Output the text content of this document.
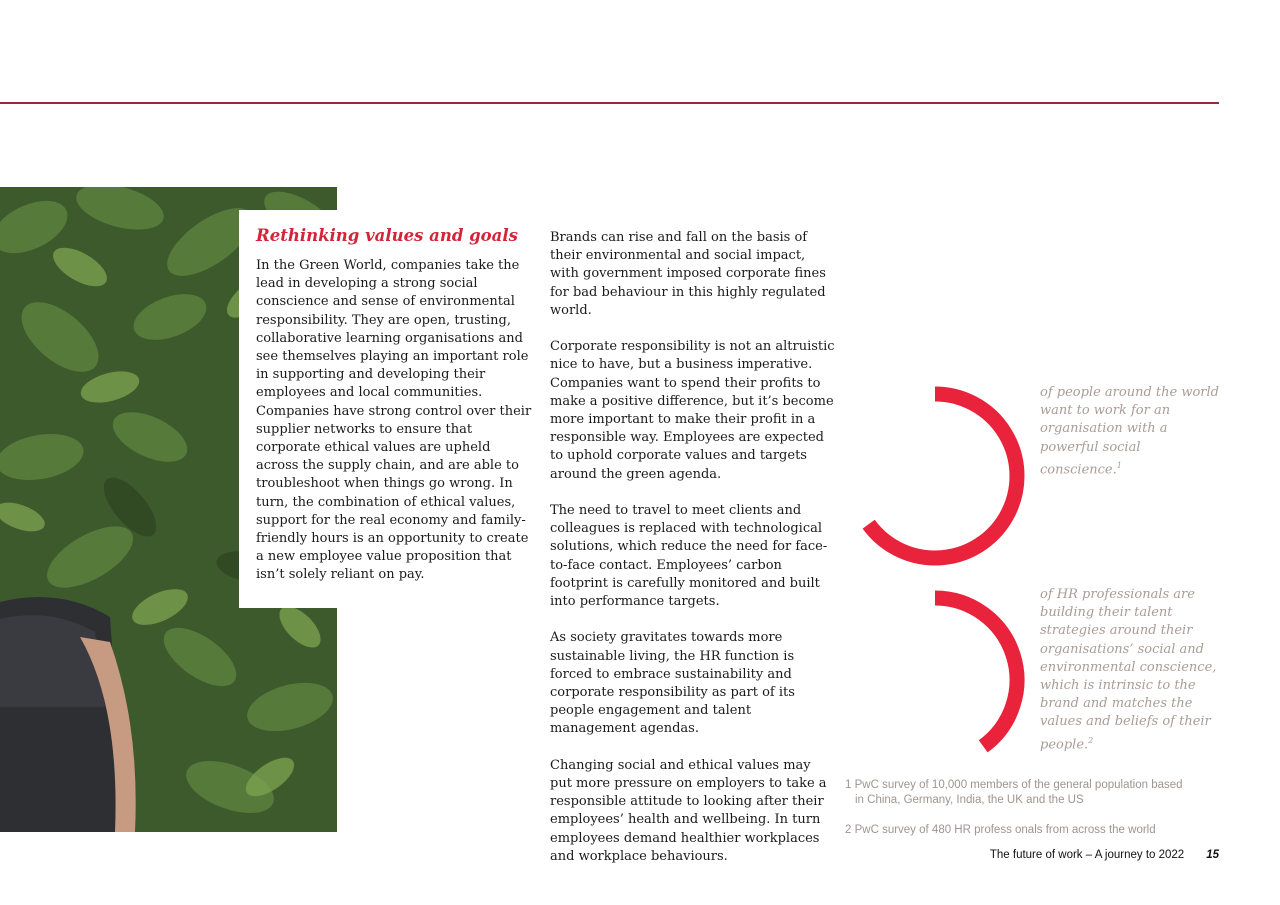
Rethinking values and goals

In the Green World, companies take the lead in developing a strong social conscience and sense of environmental responsibility. They are open, trusting, collaborative learning organisations and see themselves playing an important role in supporting and developing their employees and local communities. Companies have strong control over their supplier networks to ensure that corporate ethical values are upheld across the supply chain, and are able to troubleshoot when things go wrong. In turn, the combination of ethical values, support for the real economy and family-friendly hours is an opportunity to create a new employee value proposition that isn’t solely reliant on pay.

Brands can rise and fall on the basis of their environmental and social impact, with government imposed corporate fines for bad behaviour in this highly regulated world.

Corporate responsibility is not an altruistic nice to have, but a business imperative. Companies want to spend their profits to make a positive difference, but it’s become more important to make their profit in a responsible way. Employees are expected to uphold corporate values and targets around the green agenda.

The need to travel to meet clients and colleagues is replaced with technological solutions, which reduce the need for face-to-face contact. Employees’ carbon footprint is carefully monitored and built into performance targets.

As society gravitates towards more sustainable living, the HR function is forced to embrace sustainability and corporate responsibility as part of its people engagement and talent management agendas.

Changing social and ethical values may put more pressure on employers to take a responsible attitude to looking after their employees’ health and wellbeing. In turn employees demand healthier workplaces and workplace behaviours.

of people around the world want to work for an organisation with a powerful social conscience.$^1$

of HR professionals are building their talent strategies around their organisations’ social and environmental conscience, which is intrinsic to the brand and matches the values and beliefs of their people.$^2$

1 PwC survey of 10,000 members of the general population based
in China, Germany, India, the UK and the US

2 PwC survey of 480 HR profess onals from across the world

The future of work – A journey to 2022 15
